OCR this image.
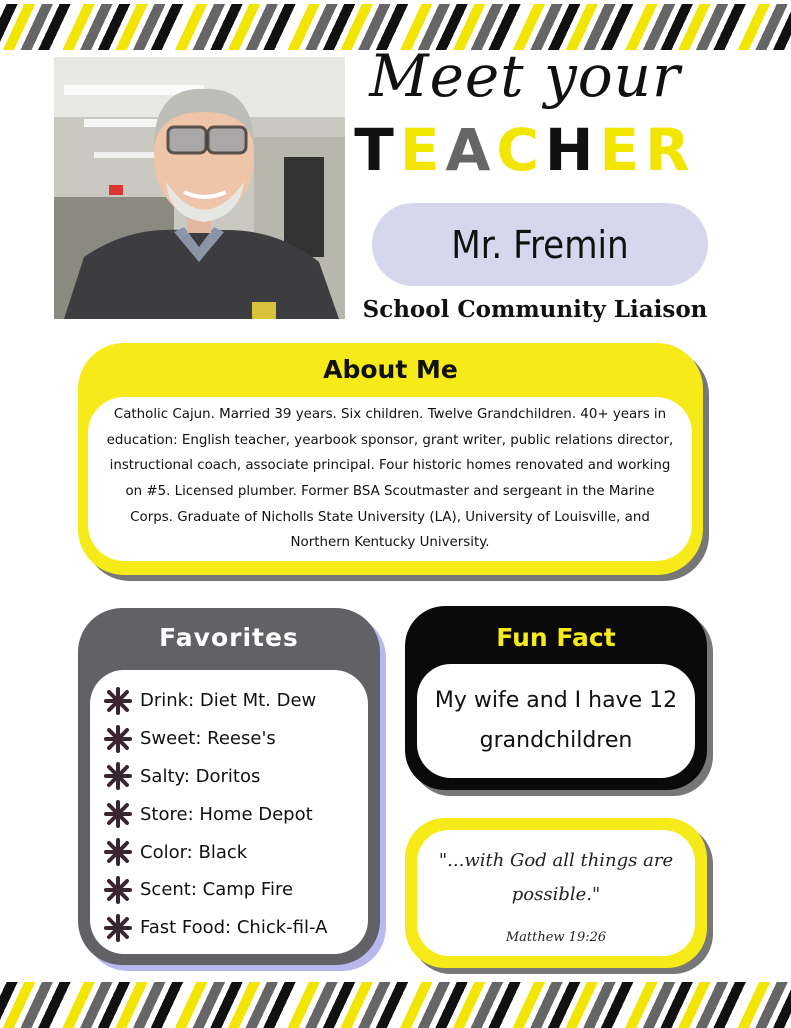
Meet your
TEACHER
Mr. Fremin
School Community Liaison
About Me

Catholic Cajun. Married 39 years. Six children. Twelve Grandchildren. 40+ years in education: English teacher, yearbook sponsor, grant writer, public relations director, instructional coach, associate principal. Four historic homes renovated and working on #5. Licensed plumber. Former BSA Scoutmaster and sergeant in the Marine Corps. Graduate of Nicholls State University (LA), University of Louisville, and Northern Kentucky University.

Favorites
Drink: Diet Mt. Dew
Sweet: Reese's
Salty: Doritos
Store: Home Depot
Color: Black
Scent: Camp Fire
Fast Food: Chick-fil-A
Fun Fact

My wife and I have 12 grandchildren

"...with God all things are possible."
Matthew 19:26
